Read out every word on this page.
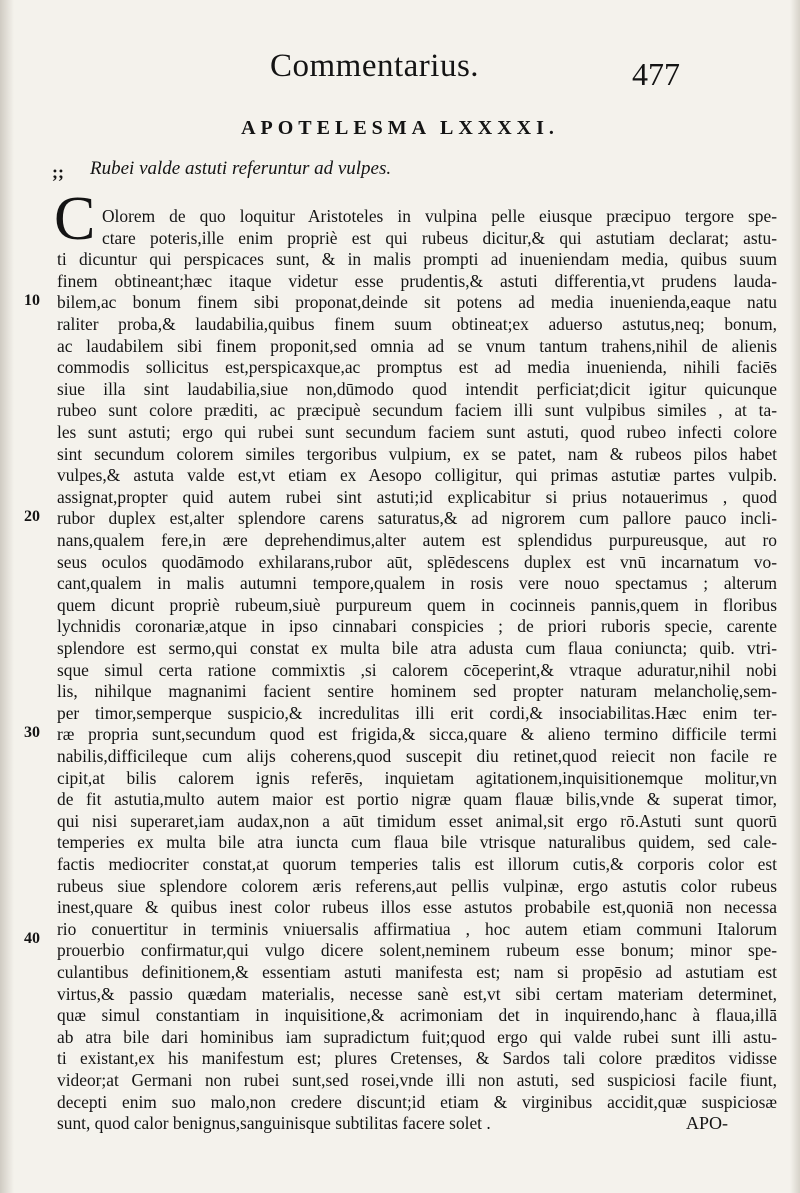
Commentarius.	477
APOTELESMA LXXXXI.
;; Rubei valde astuti referuntur ad vulpes.
C Olorem de quo loquitur Aristoteles in vulpina pelle eiusque præcipuo tergore spe-
ctare poteris,ille enim propriè est qui rubeus dicitur,& qui astutiam declarat; astu-
ti dicuntur qui perspicaces sunt, & in malis prompti ad inueniendam media, quibus suum
finem obtineant;hæc itaque videtur esse prudentis,& astuti differentia,vt prudens lauda-
bilem,ac bonum finem sibi proponat,deinde sit potens ad media inuenienda,eaque natu
raliter proba,& laudabilia,quibus finem suum obtineat;ex aduerso astutus,neq; bonum,
ac laudabilem sibi finem proponit,sed omnia ad se vnum tantum trahens,nihil de alienis
commodis sollicitus est,perspicaxque,ac promptus est ad media inuenienda, nihili faciēs
siue illa sint laudabilia,siue non,dūmodo quod intendit perficiat;dicit igitur quicunque
rubeo sunt colore præditi, ac præcipuè secundum faciem illi sunt vulpibus similes , at ta-
les sunt astuti; ergo qui rubei sunt secundum faciem sunt astuti, quod rubeo infecti colore
sint secundum colorem similes tergoribus vulpium, ex se patet, nam & rubeos pilos habet
vulpes,& astuta valde est,vt etiam ex Aesopo colligitur, qui primas astutiæ partes vulpib.
assignat,propter quid autem rubei sint astuti;id explicabitur si prius notauerimus , quod
rubor duplex est,alter splendore carens saturatus,& ad nigrorem cum pallore pauco incli-
nans,qualem fere,in ære deprehendimus,alter autem est splendidus purpureusque, aut ro
seus oculos quodāmodo exhilarans,rubor aūt, splēdescens duplex est vnū incarnatum vo-
cant,qualem in malis autumni tempore,qualem in rosis vere nouo spectamus ; alterum
quem dicunt propriè rubeum,siuè purpureum quem in cocinneis pannis,quem in floribus
lychnidis coronariæ,atque in ipso cinnabari conspicies ; de priori ruboris specie, carente
splendore est sermo,qui constat ex multa bile atra adusta cum flaua coniuncta; quib. vtri-
sque simul certa ratione commixtis ,si calorem cōceperint,& vtraque aduratur,nihil nobi
lis, nihilque magnanimi facient sentire hominem sed propter naturam melancholię,sem-
per timor,semperque suspicio,& incredulitas illi erit cordi,& insociabilitas.Hæc enim ter-
ræ propria sunt,secundum quod est frigida,& sicca,quare & alieno termino difficile termi
nabilis,difficileque cum alijs coherens,quod suscepit diu retinet,quod reiecit non facile re
cipit,at bilis calorem ignis referēs, inquietam agitationem,inquisitionemque molitur,vn
de fit astutia,multo autem maior est portio nigræ quam flauæ bilis,vnde & superat timor,
qui nisi superaret,iam audax,non a aūt timidum esset animal,sit ergo rō.Astuti sunt quorū
temperies ex multa bile atra iuncta cum flaua bile vtrisque naturalibus quidem, sed cale-
factis mediocriter constat,at quorum temperies talis est illorum cutis,& corporis color est
rubeus siue splendore colorem æris referens,aut pellis vulpinæ, ergo astutis color rubeus
inest,quare & quibus inest color rubeus illos esse astutos probabile est,quoniā non necessa
rio conuertitur in terminis vniuersalis affirmatiua , hoc autem etiam communi Italorum
prouerbio confirmatur,qui vulgo dicere solent,neminem rubeum esse bonum; minor spe-
culantibus definitionem,& essentiam astuti manifesta est; nam si propēsio ad astutiam est
virtus,& passio quædam materialis, necesse sanè est,vt sibi certam materiam determinet,
quæ simul constantiam in inquisitione,& acrimoniam det in inquirendo,hanc à flaua,illā
ab atra bile dari hominibus iam supradictum fuit;quod ergo qui valde rubei sunt illi astu-
ti existant,ex his manifestum est; plures Cretenses, & Sardos tali colore præditos vidisse
videor;at Germani non rubei sunt,sed rosei,vnde illi non astuti, sed suspiciosi facile fiunt,
decepti enim suo malo,non credere discunt;id etiam & virginibus accidit,quæ suspiciosæ
sunt, quod calor benignus,sanguinisque subtilitas facere solet .
10
20
30
40
APO-
